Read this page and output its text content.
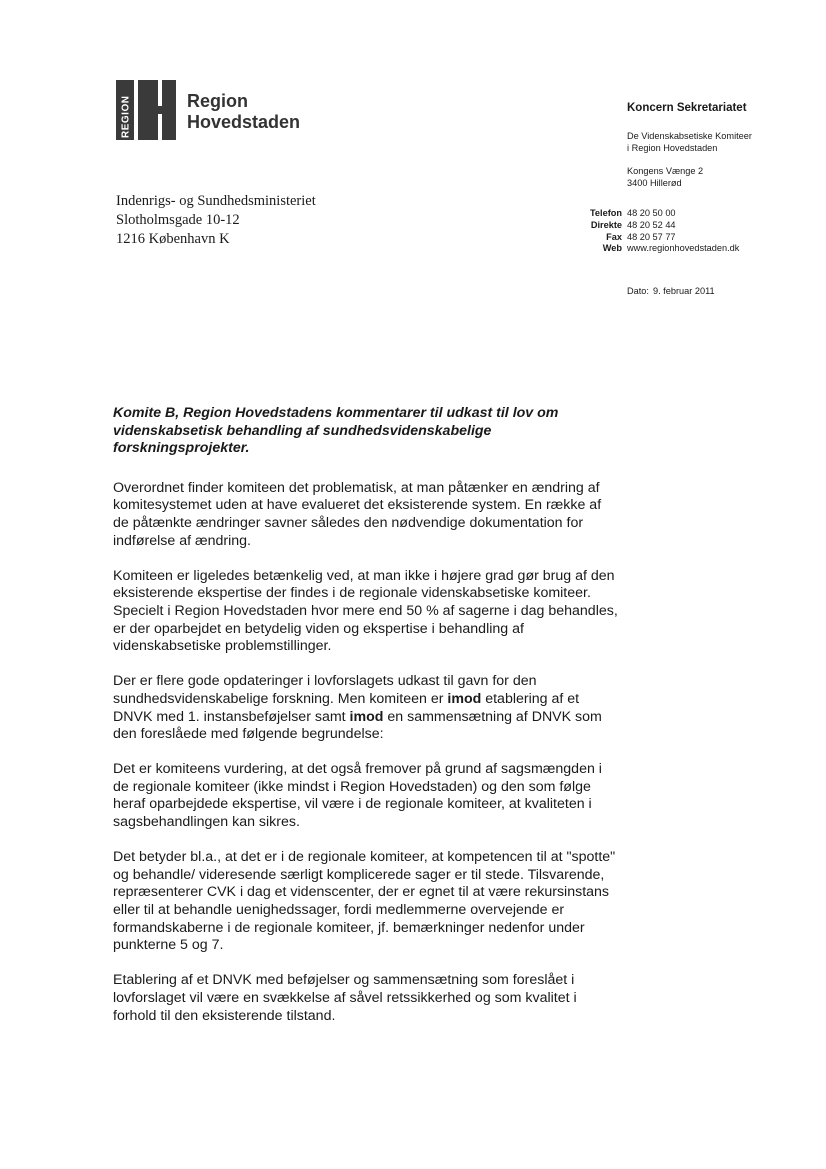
REGION	Region
Hovedstaden
Indenrigs- og Sundhedsministeriet
Slotholmsgade 10-12
1216 København K
Koncern Sekretariatet
De Videnskabsetiske Komiteer
i Region Hovedstaden
Kongens Vænge 2
3400 Hillerød
Telefon 48 20 50 00
Direkte 48 20 52 44
Fax 48 20 57 77
Web www.regionhovedstaden.dk
Dato: 9. februar 2011
Komite B, Region Hovedstadens kommentarer til udkast til lov om videnskabsetisk behandling af sundhedsvidenskabelige forskningsprojekter.

Overordnet finder komiteen det problematisk, at man påtænker en ændring af komitesystemet uden at have evalueret det eksisterende system. En række af de påtænkte ændringer savner således den nødvendige dokumentation for indførelse af ændring.

Komiteen er ligeledes betænkelig ved, at man ikke i højere grad gør brug af den eksisterende ekspertise der findes i de regionale videnskabsetiske komiteer. Specielt i Region Hovedstaden hvor mere end 50 % af sagerne i dag behandles, er der oparbejdet en betydelig viden og ekspertise i behandling af videnskabsetiske problemstillinger.

Der er flere gode opdateringer i lovforslagets udkast til gavn for den sundhedsvidenskabelige forskning. Men komiteen er imod etablering af et DNVK med 1. instansbeføjelser samt imod en sammensætning af DNVK som den foreslåede med følgende begrundelse:

Det er komiteens vurdering, at det også fremover på grund af sagsmængden i de regionale komiteer (ikke mindst i Region Hovedstaden) og den som følge heraf oparbejdede ekspertise, vil være i de regionale komiteer, at kvaliteten i sagsbehandlingen kan sikres.

Det betyder bl.a., at det er i de regionale komiteer, at kompetencen til at "spotte" og behandle/ videresende særligt komplicerede sager er til stede. Tilsvarende, repræsenterer CVK i dag et videnscenter, der er egnet til at være rekursinstans eller til at behandle uenighedssager, fordi medlemmerne overvejende er formandskaberne i de regionale komiteer, jf. bemærkninger nedenfor under punkterne 5 og 7.

Etablering af et DNVK med beføjelser og sammensætning som foreslået i lovforslaget vil være en svækkelse af såvel retssikkerhed og som kvalitet i forhold til den eksisterende tilstand.
